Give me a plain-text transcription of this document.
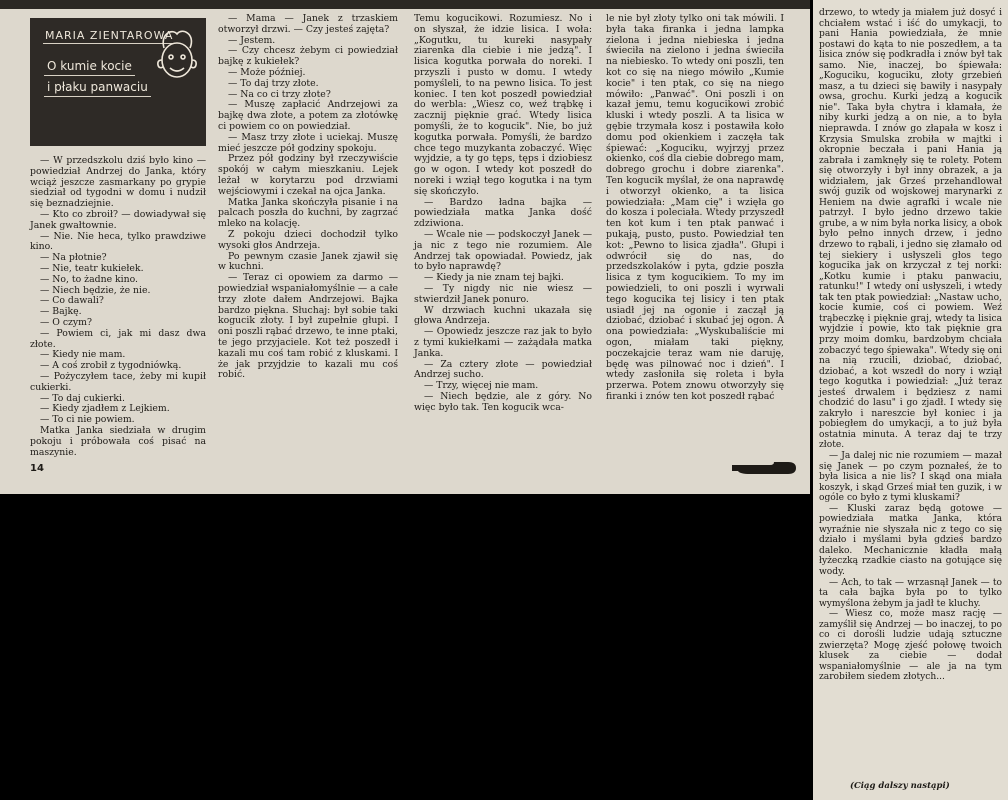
MARIA ZIENTAROWA
O kumie kocie
i płaku panwaciu

— W przedszkolu dziś było kino — powiedział Andrzej do Janka, który wciąż jeszcze zasmarkany po grypie siedział od tygodni w domu i nudził się beznadziejnie.

— Kto co zbroił? — dowiadywał się Janek gwałtownie.

— Nie. Nie heca, tylko prawdziwe kino.

— Na płotnie?

— Nie, teatr kukiełek.

— No, to żadne kino.

— Niech będzie, że nie.

— Co dawali?

— Bajkę.

— O czym?

— Powiem ci, jak mi dasz dwa złote.

— Kiedy nie mam.

— A coś zrobił z tygodniówką.

— Pożyczyłem tace, żeby mi kupił cukierki.

— To daj cukierki.

— Kiedy zjadłem z Lejkiem.

— To ci nie powiem.

Matka Janka siedziała w drugim pokoju i próbowała coś pisać na maszynie.

— Mama — Janek z trzaskiem otworzył drzwi. — Czy jesteś zajęta?

— Jestem.

— Czy chcesz żebym ci powiedział bajkę z kukiełek?

— Może później.

— To daj trzy złote.

— Na co ci trzy złote?

— Muszę zapłacić Andrzejowi za bajkę dwa złote, a potem za złotówkę ci powiem co on powiedział.

— Masz trzy złote i uciekaj. Muszę mieć jeszcze pół godziny spokoju.

Przez pół godziny był rzeczywiście spokój w całym mieszkaniu. Lejek leżał w korytarzu pod drzwiami wejściowymi i czekał na ojca Janka.

Matka Janka skończyła pisanie i na palcach poszła do kuchni, by zagrzać mleko na kolację.

Z pokoju dzieci dochodził tylko wysoki głos Andrzeja.

Po pewnym czasie Janek zjawił się w kuchni.

— Teraz ci opowiem za darmo — powiedział wspaniałomyślnie — a całe trzy złote dałem Andrzejowi. Bajka bardzo piękna. Słuchaj: był sobie taki kogucik złoty. I był zupełnie głupi. I oni poszli rąbać drzewo, te inne ptaki, te jego przyjaciele. Kot też poszedł i kazali mu coś tam robić z kluskami. I że jak przyjdzie to kazali mu coś robić.

Temu kogucikowi. Rozumiesz. No i on słyszał, że idzie lisica. I woła: „Kogutku, tu kureki nasypały ziarenka dla ciebie i nie jedzą". I lisica kogutka porwała do noreki. I przyszli i pusto w domu. I wtedy pomyśleli, to na pewno lisica. To jest koniec. I ten kot poszedł powiedział do werbla: „Wiesz co, weź trąbkę i zacznij pięknie grać. Wtedy lisica pomyśli, że to kogucik". Nie, bo już kogutka porwała. Pomyśli, że bardzo chce tego muzykanta zobaczyć. Więc wyjdzie, a ty go tęps, tęps i dziobiesz go w ogon. I wtedy kot poszedł do noreki i wziął tego kogutka i na tym się skończyło.

— Bardzo ładna bajka — powiedziała matka Janka dość zdziwiona.

— Wcale nie — podskoczył Janek — ja nic z tego nie rozumiem. Ale Andrzej tak opowiadał. Powiedz, jak to było naprawdę?

— Kiedy ja nie znam tej bajki.

— Ty nigdy nic nie wiesz — stwierdził Janek ponuro.

W drzwiach kuchni ukazała się głowa Andrzeja.

— Opowiedz jeszcze raz jak to było z tymi kukiełkami — zażądała matka Janka.

— Za cztery złote — powiedział Andrzej sucho.

— Trzy, więcej nie mam.

— Niech będzie, ale z góry. No więc było tak. Ten kogucik wca-

le nie był złoty tylko oni tak mówili. I była taka firanka i jedna lampka zielona i jedna niebieska i jedna świeciła na zielono i jedna świeciła na niebiesko. To wtedy oni poszli, ten kot co się na niego mówiło „Kumie kocie" i ten ptak, co się na niego mówiło: „Panwać". Oni poszli i on kazał jemu, temu kogucikowi zrobić kluski i wtedy poszli. A ta lisica w gębie trzymała kosz i postawiła koło domu pod okienkiem i zaczęła tak śpiewać: „Koguciku, wyjrzyj przez okienko, coś dla ciebie dobrego mam, dobrego grochu i dobre ziarenka". Ten kogucik myślał, że ona naprawdę i otworzył okienko, a ta lisica powiedziała: „Mam cię" i wzięła go do kosza i poleciała. Wtedy przyszedł ten kot kum i ten ptak panwać i pukają, pusto, pusto. Powiedział ten kot: „Pewno to lisica zjadła". Głupi i odwrócił się do nas, do przedszkolaków i pyta, gdzie poszła lisica z tym kogucikiem. To my im powiedzieli, to oni poszli i wyrwali tego kogucika tej lisicy i ten ptak usiadł jej na ogonie i zaczął ją dziobać, dziobać i skubać jej ogon. A ona powiedziała: „Wyskubaliście mi ogon, miałam taki piękny, poczekajcie teraz wam nie daruję, będę was pilnować noc i dzień". I wtedy zasłoniła się roleta i była przerwa. Potem znowu otworzyły się firanki i znów ten kot poszedł rąbać

14

drzewo, to wtedy ja miałem już dosyć i chciałem wstać i iść do umykacji, to pani Hania powiedziała, że mnie postawi do kąta to nie poszedłem, a ta lisica znów się podkradła i znów był tak samo. Nie, inaczej, bo śpiewała: „Koguciku, koguciku, złoty grzebień masz, a tu dzieci się bawiły i nasypały owsa, grochu. Kurki jedzą a kogucik nie". Taka była chytra i kłamała, że niby kurki jedzą a on nie, a to była nieprawda. I znów go złapała w kosz i Krzysia Smulska zrobiła w majtki i okropnie beczała i pani Hania ją zabrała i zamknęły się te rolety. Potem się otworzyły i był inny obrazek, a ja widziałem, jak Grześ przehandlował swój guzik od wojskowej marynarki z Heniem na dwie agrafki i wcale nie patrzył. I było jedno drzewo takie grube, a w nim była norka lisicy, a obok było pełno innych drzew, i jedno drzewo to rąbali, i jedno się złamało od tej siekiery i usłyszeli głos tego kogucika jak on krzyczał z tej norki: „Kotku kumie i ptaku panwaciu, ratunku!" I wtedy oni usłyszeli, i wtedy tak ten ptak powiedział: „Nastaw ucho, kocie kumie, coś ci powiem. Weź trąbeczkę i pięknie graj, wtedy ta lisica wyjdzie i powie, kto tak pięknie gra przy moim domku, bardzobym chciała zobaczyć tego śpiewaka". Wtedy się oni na nią rzucili, dziobać, dziobać, dziobać, a kot wszedł do nory i wziął tego kogutka i powiedział: „Już teraz jesteś drwalem i będziesz z nami chodzić do lasu" i go zjadł. I wtedy się zakryło i nareszcie był koniec i ja pobiegłem do umykacji, a to już była ostatnia minuta. A teraz daj te trzy złote.

— Ja dalej nic nie rozumiem — mazał się Janek — po czym poznałeś, że to była lisica a nie lis? I skąd ona miała koszyk, i skąd Grześ miał ten guzik, i w ogóle co było z tymi kluskami?

— Kluski zaraz będą gotowe — powiedziała matka Janka, która wyraźnie nie słyszała nic z tego co się działo i myślami była gdzieś bardzo daleko. Mechanicznie kładła małą łyżeczką rzadkie ciasto na gotujące się wody.

— Ach, to tak — wrzasnął Janek — to ta cała bajka była po to tylko wymyślona żebym ja jadł te kluchy.

— Wiesz co, może masz rację — zamyślił się Andrzej — bo inaczej, to po co ci dorośli ludzie udają sztuczne zwierzęta? Mogę zjeść połowę twoich klusek za ciebie — dodał wspaniałomyślnie — ale ja na tym zarobiłem siedem złotych...

(Ciąg dalszy nastąpi)
